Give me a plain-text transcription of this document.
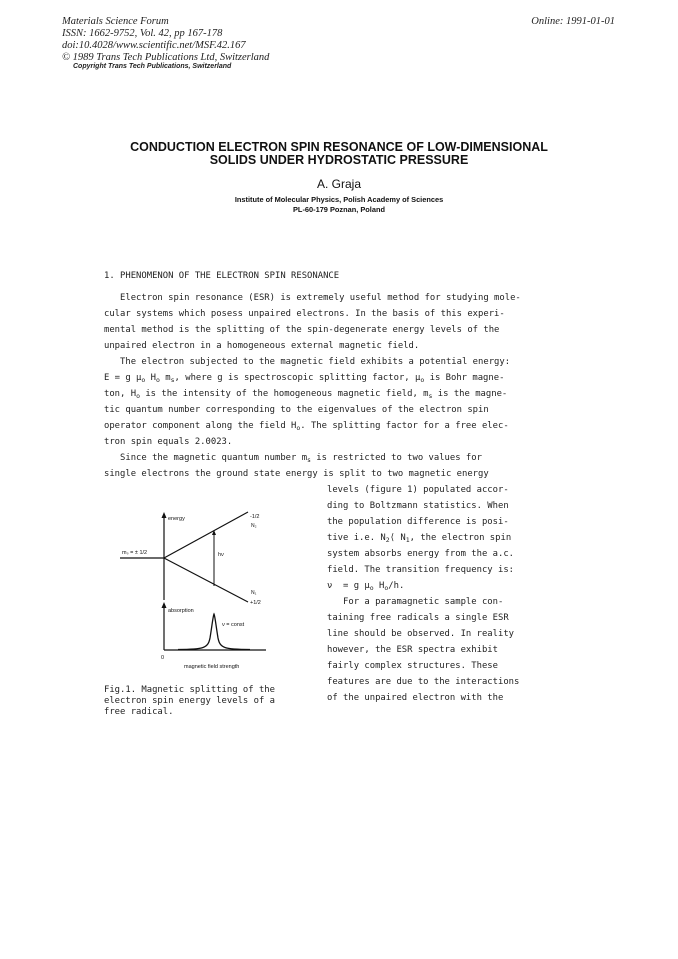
Materials Science Forum
ISSN: 1662-9752, Vol. 42, pp 167-178
doi:10.4028/www.scientific.net/MSF.42.167
© 1989 Trans Tech Publications Ltd, Switzerland
Online: 1991-01-01
Copyright Trans Tech Publications, Switzerland
CONDUCTION ELECTRON SPIN RESONANCE OF LOW-DIMENSIONAL
SOLIDS UNDER HYDROSTATIC PRESSURE
A. Graja
Institute of Molecular Physics, Polish Academy of Sciences
PL-60-179 Poznan, Poland
1. PHENOMENON OF THE ELECTRON SPIN RESONANCE
Electron spin resonance (ESR) is extremely useful method for studying mole-
cular systems which posess unpaired electrons. In the basis of this experi-
mental method is the splitting of the spin-degenerate energy levels of the
unpaired electron in a homogeneous external magnetic field.
The electron subjected to the magnetic field exhibits a potential energy:
E = g $\mu_o$ $H_o$ $m_s$, where g is spectroscopic splitting factor, $\mu_o$ is Bohr magne-
ton, $H_o$ is the intensity of the homogeneous magnetic field, $m_s$ is the magne-
tic quantum number corresponding to the eigenvalues of the electron spin
operator component along the field $H_o$. The splitting factor for a free elec-
tron spin equals 2.0023.
Since the magnetic quantum number $m_s$ is restricted to two values for
single electrons the ground state energy is split to two magnetic energy
levels (figure 1) populated accor-
ding to Boltzmann statistics. When
the population difference is posi-
tive i.e. $N_2⟨$ $N_1$, the electron spin
system absorbs energy from the a.c.
field. The transition frequency is:
ν  = g $\mu_o$ $H_o/h$.
For a paramagnetic sample con-
taining free radicals a single ESR
line should be observed. In reality
however, the ESR spectra exhibit
fairly complex structures. These
features are due to the interactions
of the unpaired electron with the
energy
mₛ = ± 1/2
-1/2
N₂
N₁
+1/2
hν
absorption
0
ν = const
magnetic field strength
Fig.1. Magnetic splitting of the
electron spin energy levels of a
free radical.
